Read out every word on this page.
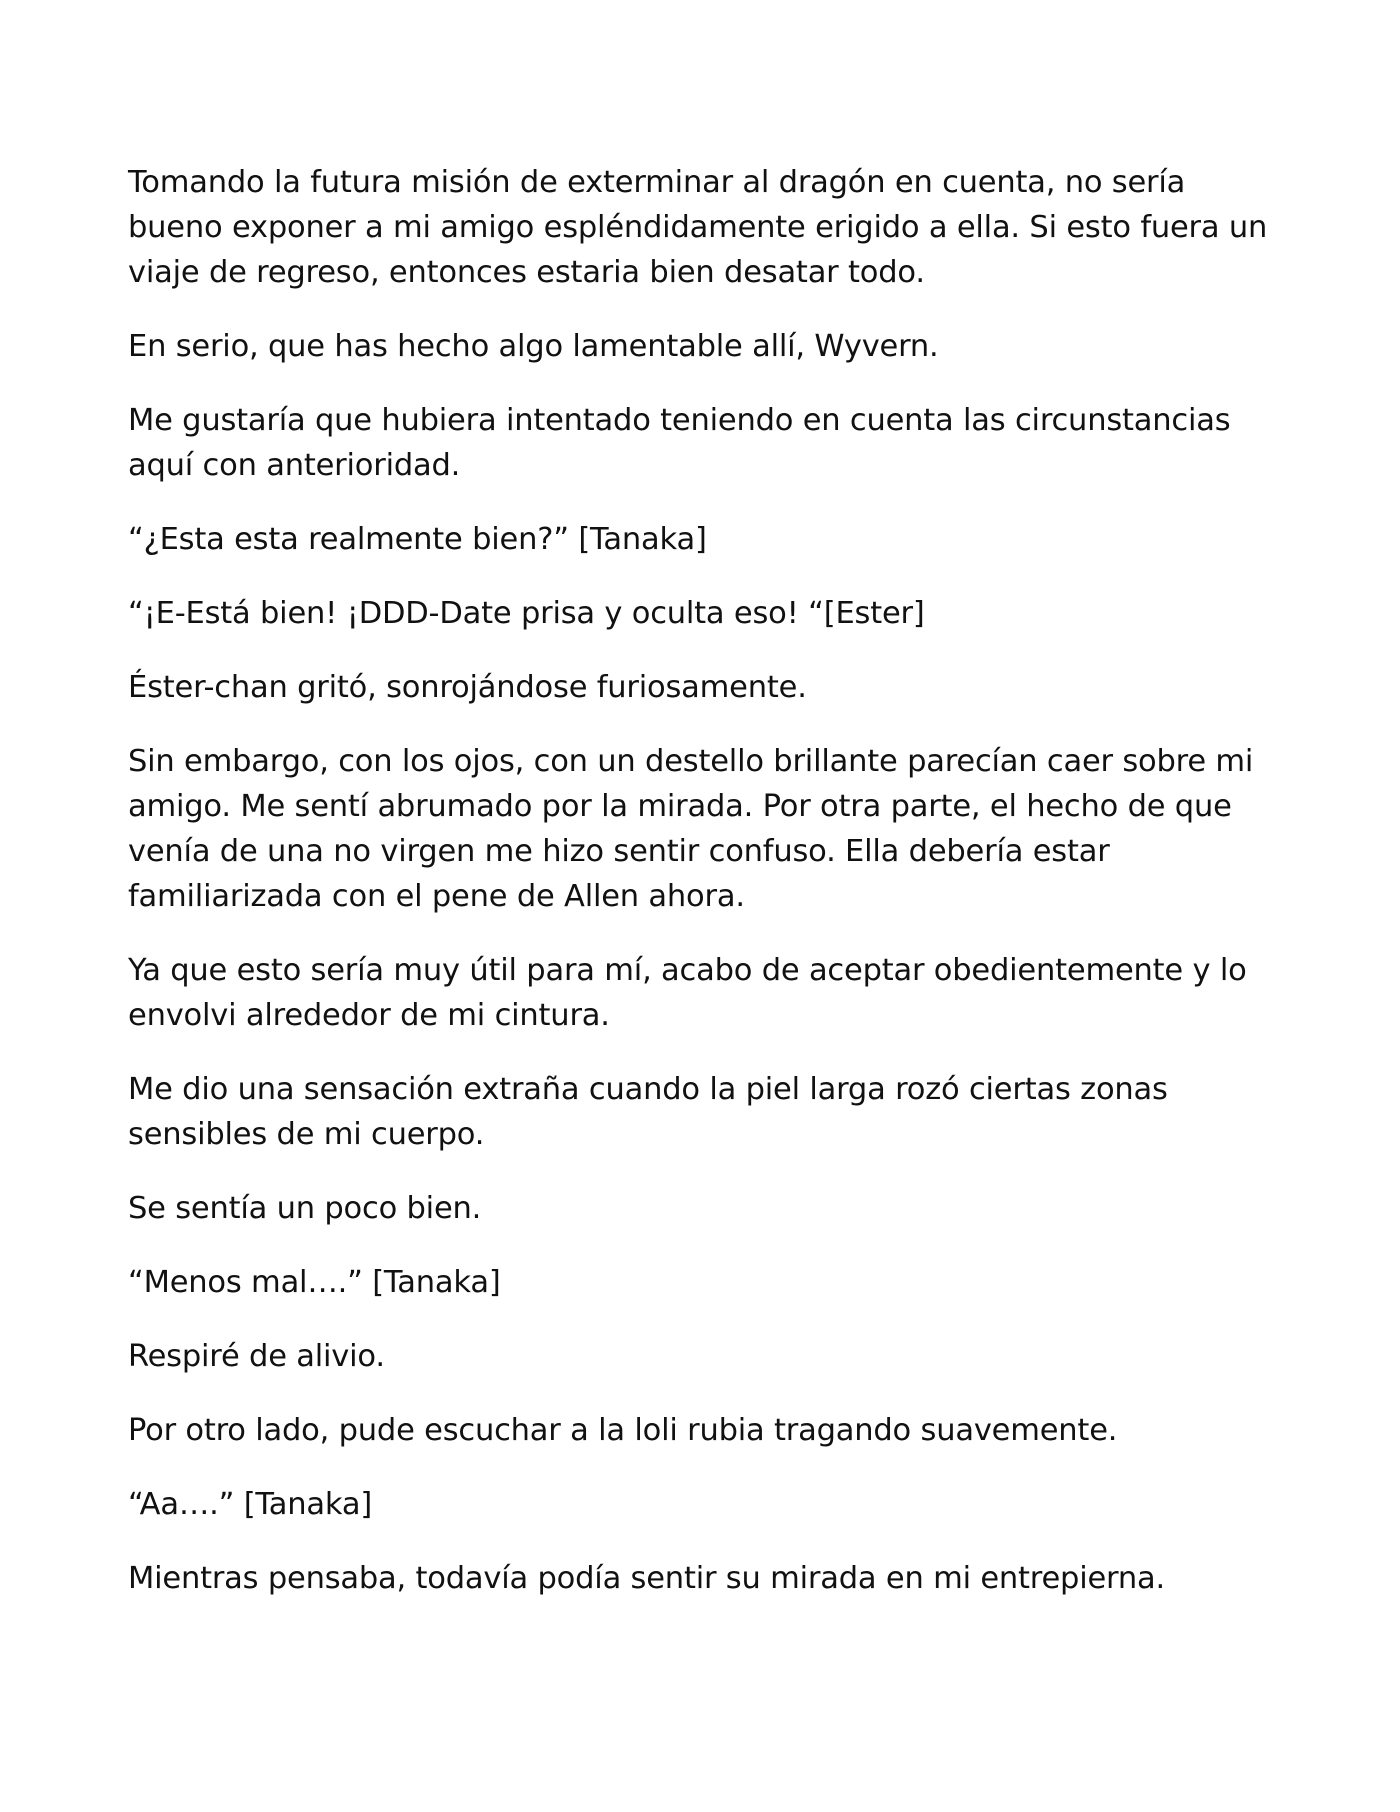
Tomando la futura misión de exterminar al dragón en cuenta, no sería bueno exponer a mi amigo espléndidamente erigido a ella. Si esto fuera un viaje de regreso, entonces estaria bien desatar todo.

En serio, que has hecho algo lamentable allí, Wyvern.

Me gustaría que hubiera intentado teniendo en cuenta las circunstancias aquí con anterioridad.

“¿Esta esta realmente bien?” [Tanaka]

“¡E-Está bien! ¡DDD-Date prisa y oculta eso! “[Ester]

Éster-chan gritó, sonrojándose furiosamente.

Sin embargo, con los ojos, con un destello brillante parecían caer sobre mi amigo. Me sentí abrumado por la mirada. Por otra parte, el hecho de que venía de una no virgen me hizo sentir confuso. Ella debería estar familiarizada con el pene de Allen ahora.

Ya que esto sería muy útil para mí, acabo de aceptar obedientemente y lo envolvi alrededor de mi cintura.

Me dio una sensación extraña cuando la piel larga rozó ciertas zonas sensibles de mi cuerpo.

Se sentía un poco bien.

“Menos mal….” [Tanaka]

Respiré de alivio.

Por otro lado, pude escuchar a la loli rubia tragando suavemente.

“Aa….” [Tanaka]

Mientras pensaba, todavía podía sentir su mirada en mi entrepierna.
